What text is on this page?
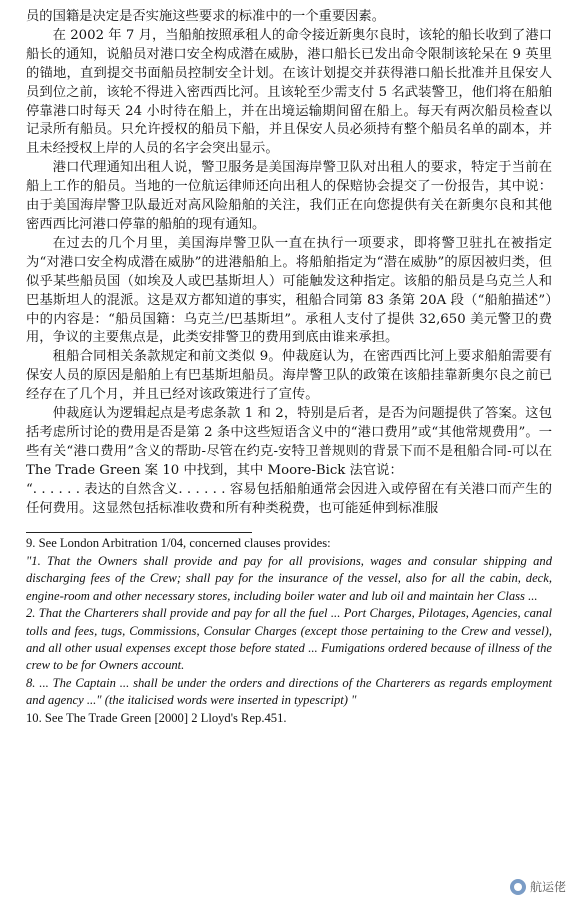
员的国籍是决定是否实施这些要求的标准中的一个重要因素。

在 2002 年 7 月，当船舶按照承租人的命令接近新奥尔良时，该轮的船长收到了港口船长的通知，说船员对港口安全构成潜在威胁，港口船长已发出命令限制该轮呆在 9 英里的锚地，直到提交书面船员控制安全计划。在该计划提交并获得港口船长批准并且保安人员到位之前，该轮不得进入密西西比河。且该轮至少需支付 5 名武装警卫，他们将在船舶停靠港口时每天 24 小时待在船上，并在出境运输期间留在船上。每天有两次船员检查以记录所有船员。只允许授权的船员下船，并且保安人员必须持有整个船员名单的副本，并且未经授权上岸的人员的名字会突出显示。

港口代理通知出租人说，警卫服务是美国海岸警卫队对出租人的要求，特定于当前在船上工作的船员。当地的一位航运律师还向出租人的保赔协会提交了一份报告，其中说：由于美国海岸警卫队最近对高风险船舶的关注，我们正在向您提供有关在新奥尔良和其他密西西比河港口停靠的船舶的现有通知。

在过去的几个月里，美国海岸警卫队一直在执行一项要求，即将警卫驻扎在被指定为“对港口安全构成潜在威胁”的进港船舶上。将船舶指定为“潜在威胁”的原因被归类，但似乎某些船员国（如埃及人或巴基斯坦人）可能触发这种指定。该船的船员是乌克兰人和巴基斯坦人的混派。这是双方都知道的事实，租船合同第 83 条第 20A 段（“船舶描述”）中的内容是：“船员国籍：乌克兰/巴基斯坦”。承租人支付了提供 32,650 美元警卫的费用，争议的主要焦点是，此类安排警卫的费用到底由谁来承担。

租船合同相关条款规定和前文类似 9。仲裁庭认为，在密西西比河上要求船舶需要有保安人员的原因是船舶上有巴基斯坦船员。海岸警卫队的政策在该船挂靠新奥尔良之前已经存在了几个月，并且已经对该政策进行了宣传。

仲裁庭认为逻辑起点是考虑条款 1 和 2，特别是后者，是否为问题提供了答案。这包括考虑所讨论的费用是否是第 2 条中这些短语含义中的“港口费用”或“其他常规费用”。一些有关“港口费用”含义的帮助-尽管在约克-安特卫普规则的背景下而不是租船合同-可以在 The Trade Green 案 10 中找到，其中 Moore-Bick 法官说：

“. . . . . . 表达的自然含义. . . . . . 容易包括船舶通常会因进入或停留在有关港口而产生的任何费用。这显然包括标准收费和所有种类税费，也可能延伸到标准服

9. See London Arbitration 1/04, concerned clauses provides:

"1. That the Owners shall provide and pay for all provisions, wages and consular shipping and discharging fees of the Crew; shall pay for the insurance of the vessel, also for all the cabin, deck, engine-room and other necessary stores, including boiler water and lub oil and maintain her Class ...

2. That the Charterers shall provide and pay for all the fuel ... Port Charges, Pilotages, Agencies, canal tolls and fees, tugs, Commissions, Consular Charges (except those pertaining to the Crew and vessel), and all other usual expenses except those before stated ... Fumigations ordered because of illness of the crew to be for Owners account.

8. ... The Captain ... shall be under the orders and directions of the Charterers as regards employment and agency ..." (the italicised words were inserted in typescript) "

10. See The Trade Green [2000] 2 Lloyd's Rep.451.

航运佬
